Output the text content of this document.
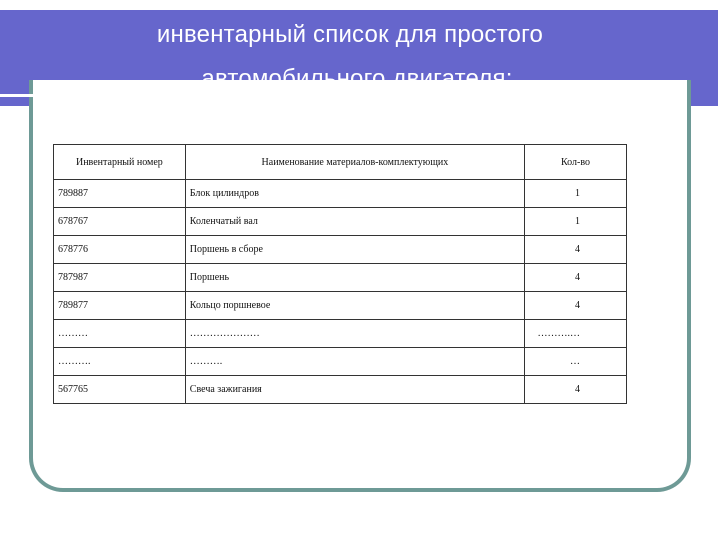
инвентарный список для простого
автомобильного двигателя:
Инвентарный номер	Наименование материалов-комплектующих	Кол-во
789887	Блок цилиндров	1
678767	Коленчатый вал	1
678776	Поршень в сборе	4
787987	Поршень	4
789877	Кольцо поршневое	4
………	…………………	……….…
……….	……….	…
567765	Свеча зажигания	4
